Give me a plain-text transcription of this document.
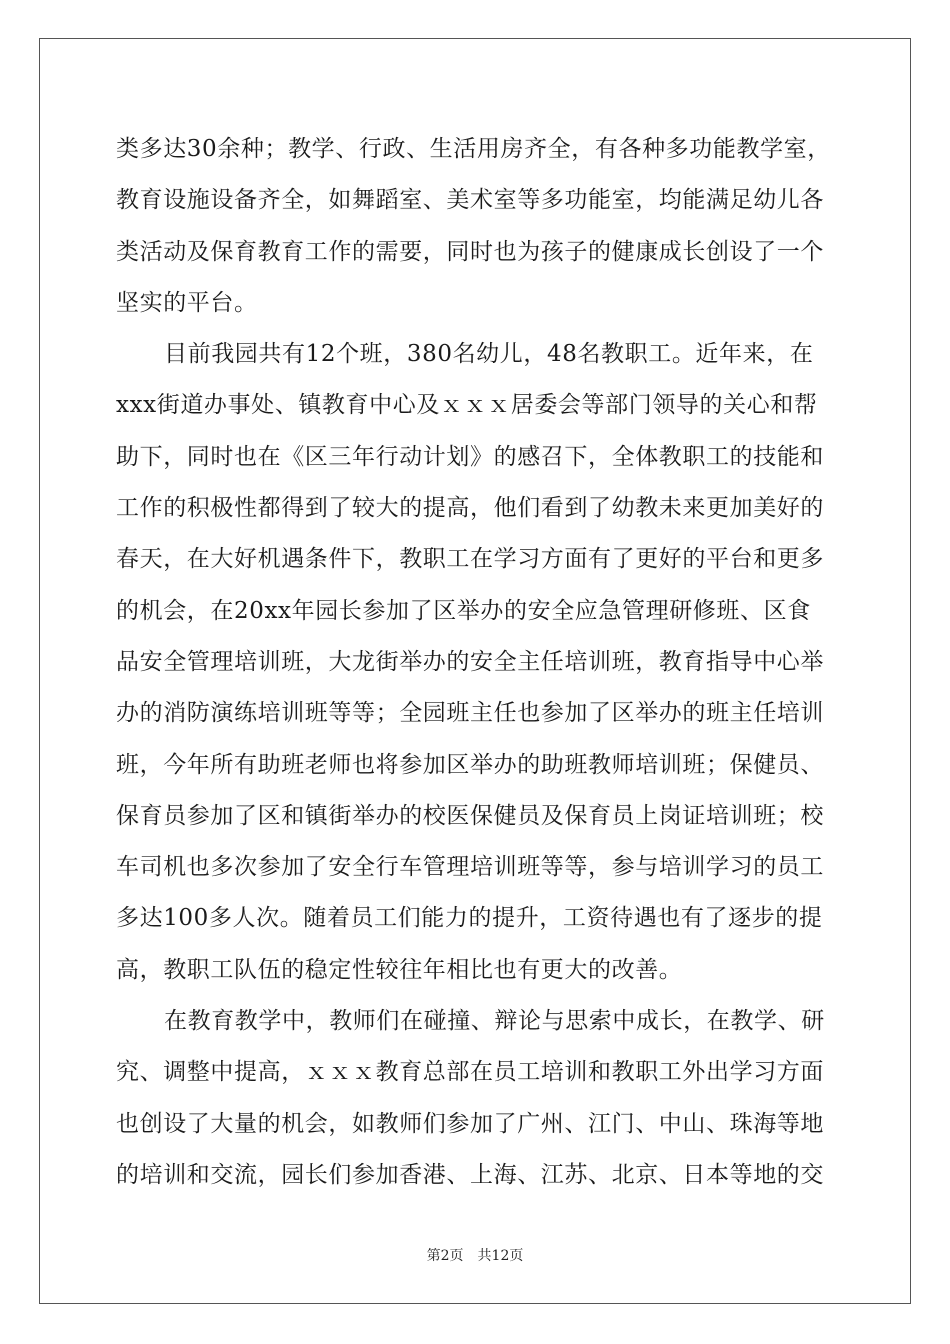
类多达30余种；教学、行政、生活用房齐全，有各种多功能教学室，
教育设施设备齐全，如舞蹈室、美术室等多功能室，均能满足幼儿各
类活动及保育教育工作的需要，同时也为孩子的健康成长创设了一个
坚实的平台。
目前我园共有12个班，380名幼儿，48名教职工。近年来，在
xxx街道办事处、镇教育中心及ｘｘｘ居委会等部门领导的关心和帮
助下，同时也在《区三年行动计划》的感召下，全体教职工的技能和
工作的积极性都得到了较大的提高，他们看到了幼教未来更加美好的
春天，在大好机遇条件下，教职工在学习方面有了更好的平台和更多
的机会，在20xx年园长参加了区举办的安全应急管理研修班、区食
品安全管理培训班，大龙街举办的安全主任培训班，教育指导中心举
办的消防演练培训班等等；全园班主任也参加了区举办的班主任培训
班，今年所有助班老师也将参加区举办的助班教师培训班；保健员、
保育员参加了区和镇街举办的校医保健员及保育员上岗证培训班；校
车司机也多次参加了安全行车管理培训班等等，参与培训学习的员工
多达100多人次。随着员工们能力的提升，工资待遇也有了逐步的提
高，教职工队伍的稳定性较往年相比也有更大的改善。
在教育教学中，教师们在碰撞、辩论与思索中成长，在教学、研
究、调整中提高，ｘｘｘ教育总部在员工培训和教职工外出学习方面
也创设了大量的机会，如教师们参加了广州、江门、中山、珠海等地
的培训和交流，园长们参加香港、上海、江苏、北京、日本等地的交
第2页 共12页
